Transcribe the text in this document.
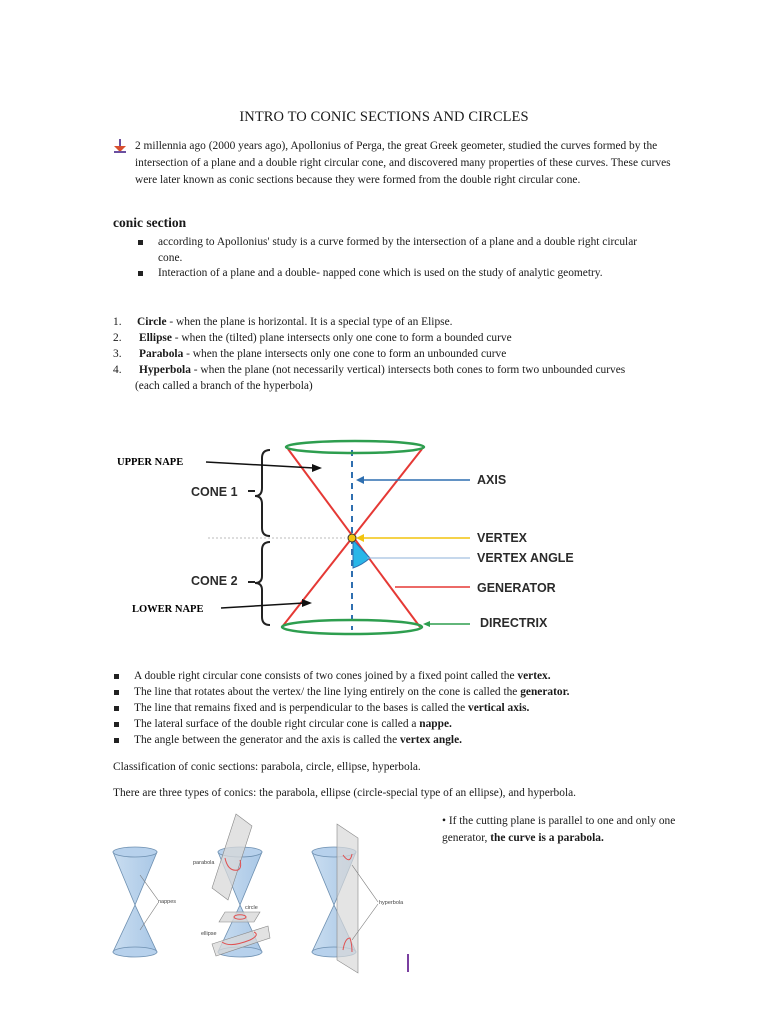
INTRO TO CONIC SECTIONS AND CIRCLES
2 millennia ago (2000 years ago), Apollonius of Perga, the great Greek geometer, studied the curves formed by the intersection of a plane and a double right circular cone, and discovered many properties of these curves. These curves were later known as conic sections because they were formed from the double right circular cone.
conic section
according to Apollonius' study is a curve formed by the intersection of a plane and a double right circular cone.
Interaction of a plane and a double- napped cone which is used on the study of analytic geometry.
1. Circle - when the plane is horizontal. It is a special type of an Elipse.
2. Ellipse - when the (tilted) plane intersects only one cone to form a bounded curve
3. Parabola - when the plane intersects only one cone to form an unbounded curve
4. Hyperbola - when the plane (not necessarily vertical) intersects both cones to form two unbounded curves
(each called a branch of the hyperbola)
UPPER NAPE
LOWER NAPE
CONE 1
CONE 2
AXIS
VERTEX
VERTEX ANGLE
GENERATOR
DIRECTRIX
A double right circular cone consists of two cones joined by a fixed point called the vertex.
The line that rotates about the vertex/ the line lying entirely on the cone is called the generator.
The line that remains fixed and is perpendicular to the bases is called the vertical axis.
The lateral surface of the double right circular cone is called a nappe.
The angle between the generator and the axis is called the vertex angle.
Classification of conic sections: parabola, circle, ellipse, hyperbola.
There are three types of conics: the parabola, ellipse (circle-special type of an ellipse), and hyperbola.
nappes
parabola
circle
ellipse
hyperbola
• If the cutting plane is parallel to one and only one generator, the curve is a parabola.
